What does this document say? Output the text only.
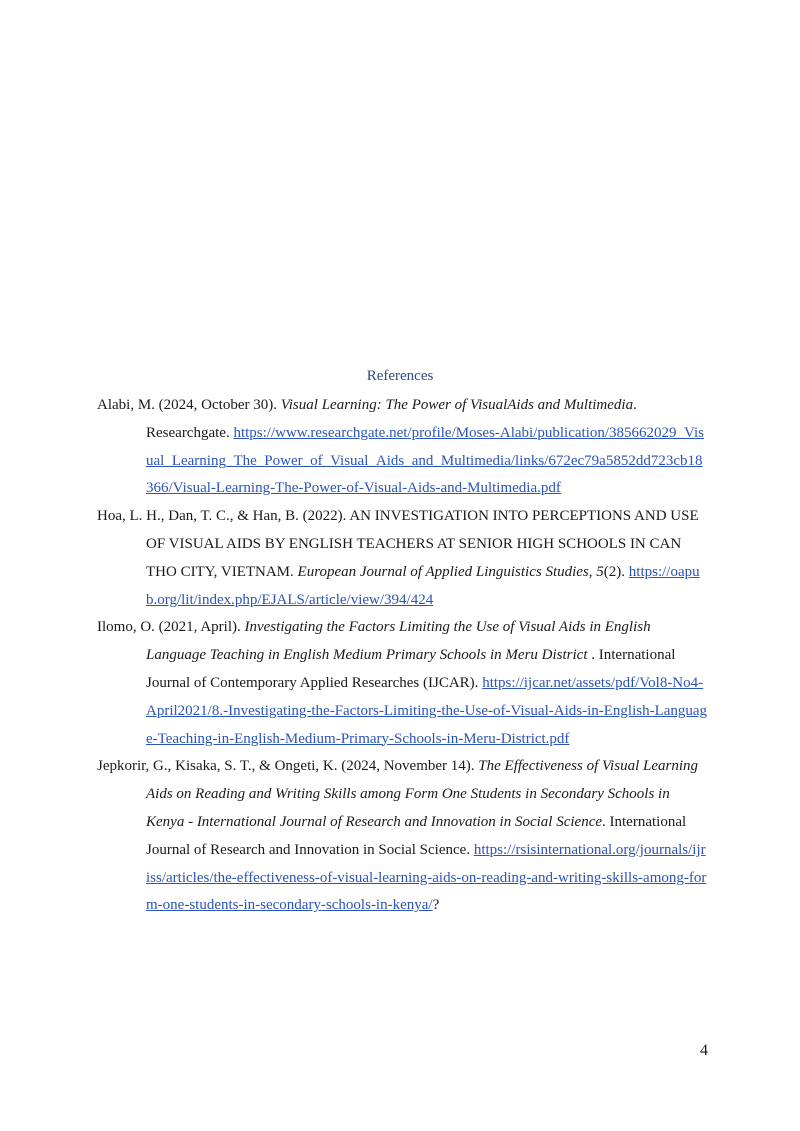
References

Alabi, M. (2024, October 30). Visual Learning: The Power of VisualAids and Multimedia. Researchgate. https://www.researchgate.net/profile/Moses-Alabi/publication/385662029_Visual_Learning_The_Power_of_Visual_Aids_and_Multimedia/links/672ec79a5852dd723cb18366/Visual-Learning-The-Power-of-Visual-Aids-and-Multimedia.pdf

Hoa, L. H., Dan, T. C., & Han, B. (2022). AN INVESTIGATION INTO PERCEPTIONS AND USE OF VISUAL AIDS BY ENGLISH TEACHERS AT SENIOR HIGH SCHOOLS IN CAN THO CITY, VIETNAM. European Journal of Applied Linguistics Studies, 5(2). https://oapub.org/lit/index.php/EJALS/article/view/394/424

Ilomo, O. (2021, April). Investigating the Factors Limiting the Use of Visual Aids in English Language Teaching in English Medium Primary Schools in Meru District . International Journal of Contemporary Applied Researches (IJCAR). https://ijcar.net/assets/pdf/Vol8-No4-April2021/8.-Investigating-the-Factors-Limiting-the-Use-of-Visual-Aids-in-English-Language-Teaching-in-English-Medium-Primary-Schools-in-Meru-District.pdf

Jepkorir, G., Kisaka, S. T., & Ongeti, K. (2024, November 14). The Effectiveness of Visual Learning Aids on Reading and Writing Skills among Form One Students in Secondary Schools in Kenya - International Journal of Research and Innovation in Social Science. International Journal of Research and Innovation in Social Science. https://rsisinternational.org/journals/ijriss/articles/the-effectiveness-of-visual-learning-aids-on-reading-and-writing-skills-among-form-one-students-in-secondary-schools-in-kenya/?

4
